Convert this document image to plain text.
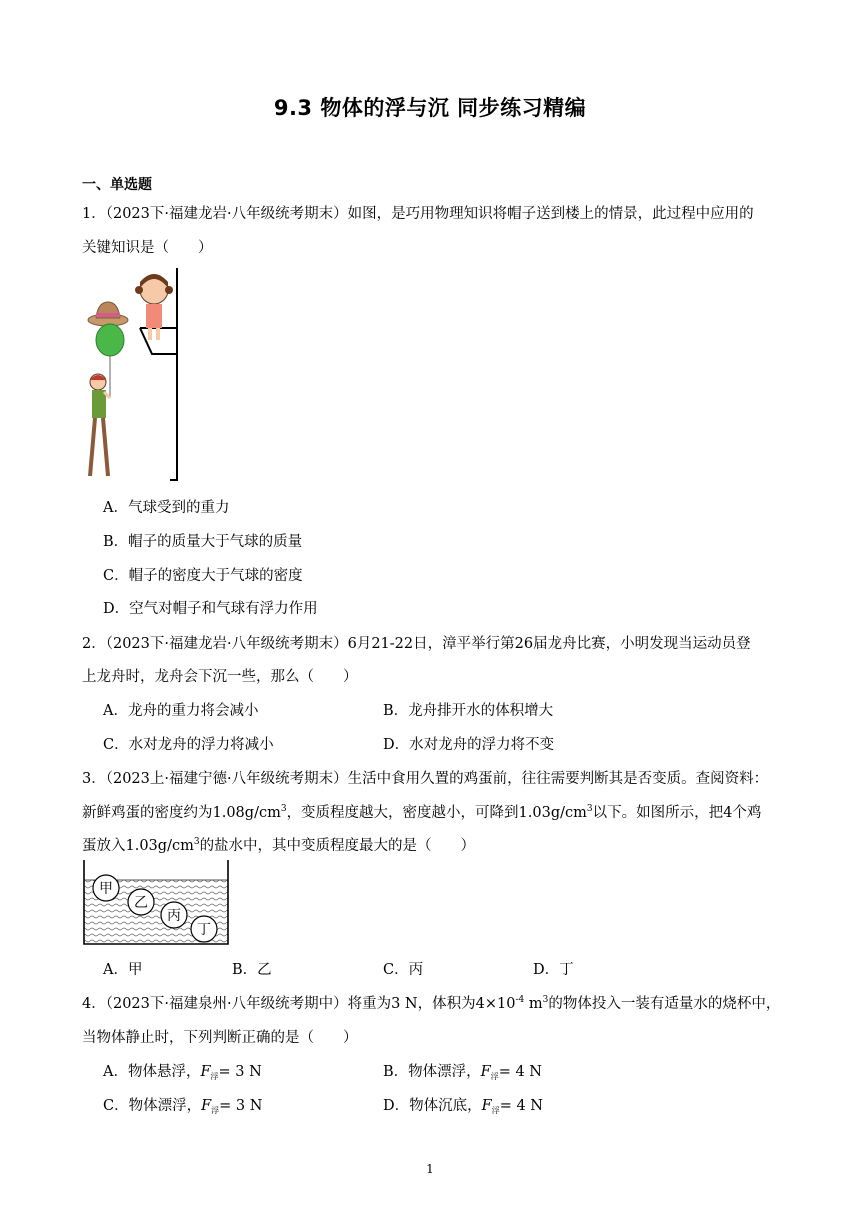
9.3 物体的浮与沉 同步练习精编
一、单选题
1．（2023下·福建龙岩·八年级统考期末）如图，是巧用物理知识将帽子送到楼上的情景，此过程中应用的
关键知识是（　　）
A．气球受到的重力
B．帽子的质量大于气球的质量
C．帽子的密度大于气球的密度
D．空气对帽子和气球有浮力作用
2．（2023下·福建龙岩·八年级统考期末）6月21-22日，漳平举行第26届龙舟比赛，小明发现当运动员登
上龙舟时，龙舟会下沉一些，那么（　　）
A．龙舟的重力将会减小	B．龙舟排开水的体积增大
C．水对龙舟的浮力将减小	D．水对龙舟的浮力将不变
3．（2023上·福建宁德·八年级统考期末）生活中食用久置的鸡蛋前，往往需要判断其是否变质。查阅资料：
新鲜鸡蛋的密度约为$1.08g/cm^3$，变质程度越大，密度越小，可降到$1.03g/cm^3$以下。如图所示，把4个鸡
蛋放入$1.03g/cm^3$的盐水中，其中变质程度最大的是（　　）
甲
乙
丙
丁
A．甲	B．乙	C．丙	D．丁
4．（2023下·福建泉州·八年级统考期中）将重为3 N，体积为$4\times 10^{-4}$ $m^3$的物体投入一装有适量水的烧杯中，
当物体静止时，下列判断正确的是（　　）
A．物体悬浮，$F_浮= 3$ N	B．物体漂浮，$F_浮= 4$ N
C．物体漂浮，$F_浮= 3$ N	D．物体沉底，$F_浮= 4$ N
1
